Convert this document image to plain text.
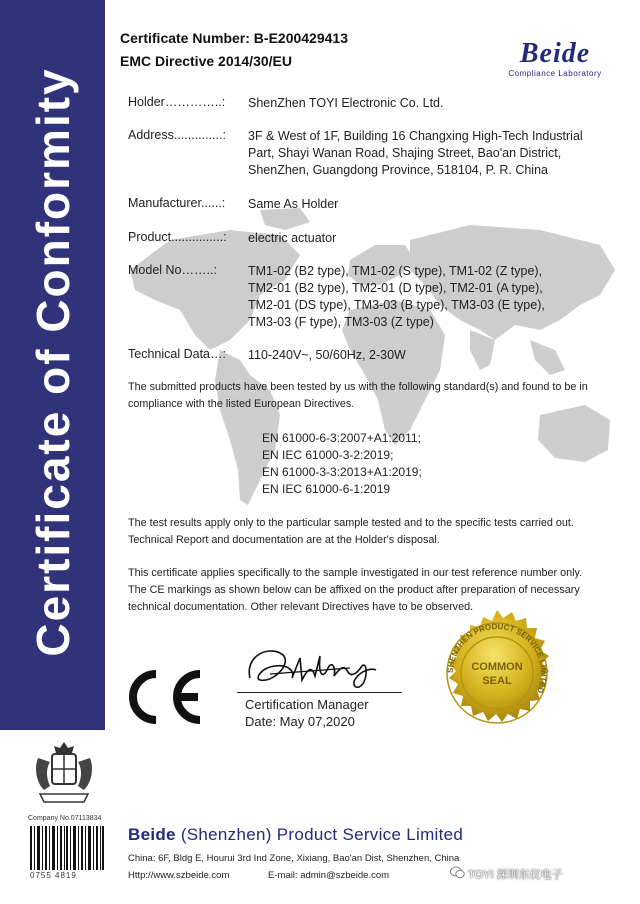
Certificate of Conformity
Certificate Number: B-E200429413
EMC Directive 2014/30/EU	Beide
Compliance Laboratory
Holder…………..: ShenZhen TOYI Electronic Co. Ltd.
Address..............: 3F & West of 1F, Building 16 Changxing High-Tech Industrial
Part, Shayi Wanan Road, Shajing Street, Bao'an District,
ShenZhen, Guangdong Province, 518104, P. R. China
Manufacturer......: Same As Holder
Product...............: electric actuator
Model No……..: TM1-02 (B2 type), TM1-02 (S type), TM1-02 (Z type),
TM2-01 (B2 type), TM2-01 (D type), TM2-01 (A type),
TM2-01 (DS type), TM3-03 (B type), TM3-03 (E type),
TM3-03 (F type), TM3-03 (Z type)
Technical Data…: 110-240V~, 50/60Hz, 2-30W
The submitted products have been tested by us with the following standard(s) and found to be in
compliance with the listed European Directives.
EN 61000-6-3:2007+A1:2011;
EN IEC 61000-3-2:2019;
EN 61000-3-3:2013+A1:2019;
EN IEC 61000-6-1:2019
The test results apply only to the particular sample tested and to the specific tests carried out.
Technical Report and documentation are at the Holder's disposal.
This certificate applies specifically to the sample investigated in our test reference number only.
The CE markings as shown below can be affixed on the product after preparation of necessary
technical documentation. Other relevant Directives have to be observed.
Certification Manager
Date: May 07,2020
SHENZHEN PRODUCT SERVICE LIMITED
COMMON
SEAL
Company No.07113834
0755 4819
Beide (Shenzhen) Product Service Limited
China: 6F, Bldg E, Hourui 3rd Ind Zone, Xixiang, Bao'an Dist, Shenzhen, China
Http://www.szbeide.com	E-mail: admin@szbeide.com	TOYI 深圳东仪电子
